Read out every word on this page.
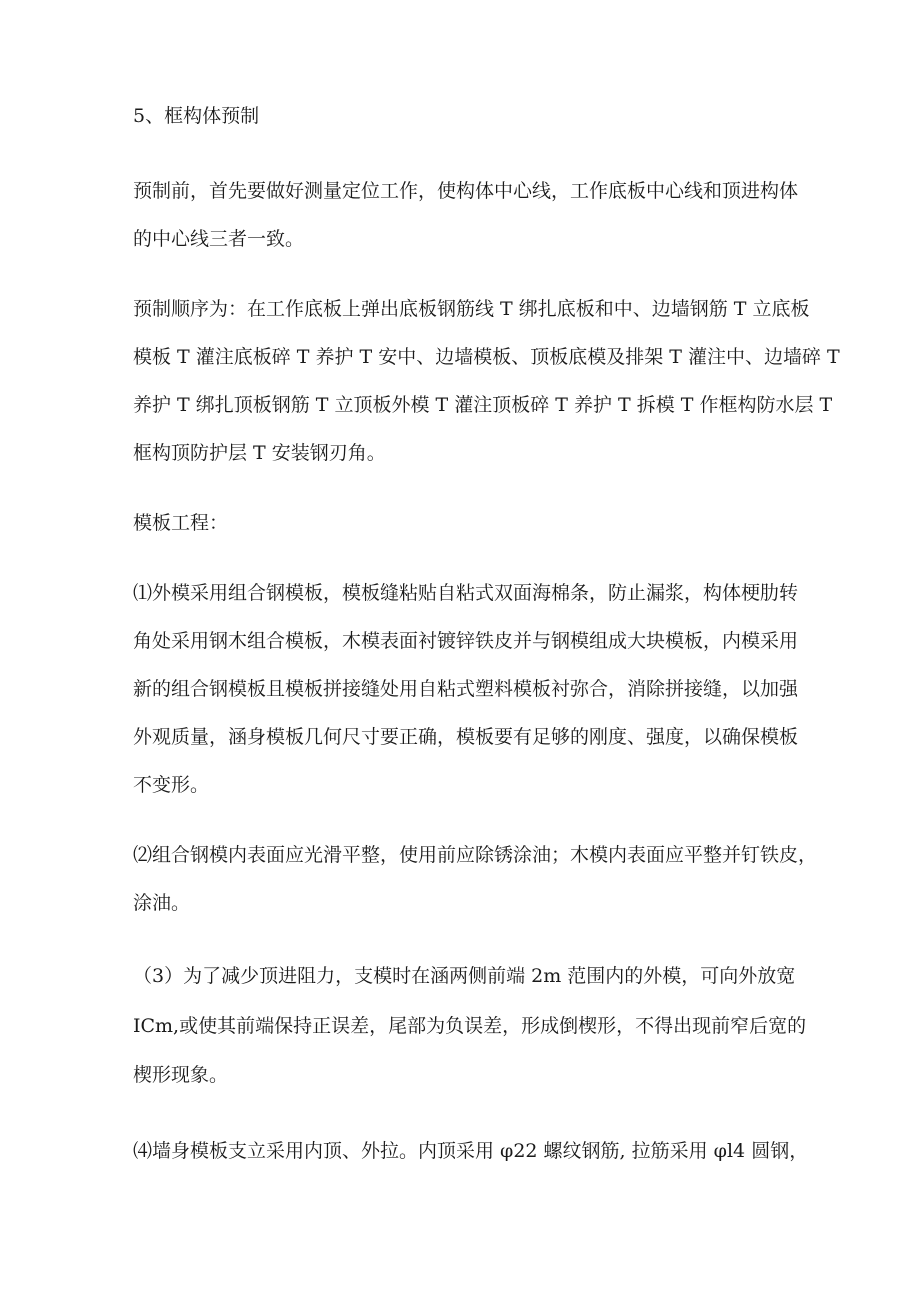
5、框构体预制

预制前，首先要做好测量定位工作，使构体中心线，工作底板中心线和顶进构体

的中心线三者一致。

预制顺序为：在工作底板上弹出底板钢筋线 T 绑扎底板和中、边墙钢筋 T 立底板

模板 T 灌注底板碎 T 养护 T 安中、边墙模板、顶板底模及排架 T 灌注中、边墙碎 T

养护 T 绑扎顶板钢筋 T 立顶板外模 T 灌注顶板碎 T 养护 T 拆模 T 作框构防水层 T

框构顶防护层 T 安装钢刃角。

模板工程：

⑴外模采用组合钢模板，模板缝粘贴自粘式双面海棉条，防止漏浆，构体梗肋转

角处采用钢木组合模板，木模表面衬镀锌铁皮并与钢模组成大块模板，内模采用

新的组合钢模板且模板拼接缝处用自粘式塑料模板衬弥合，消除拼接缝，以加强

外观质量，涵身模板几何尺寸要正确，模板要有足够的刚度、强度，以确保模板

不变形。

⑵组合钢模内表面应光滑平整，使用前应除锈涂油；木模内表面应平整并钉铁皮，

涂油。

（3）为了减少顶进阻力，支模时在涵两侧前端 2m 范围内的外模，可向外放宽

ICm,或使其前端保持正误差，尾部为负误差，形成倒楔形，不得出现前窄后宽的

楔形现象。

⑷墙身模板支立采用内顶、外拉。内顶采用 φ22 螺纹钢筋, 拉筋采用 φl4 圆钢，
